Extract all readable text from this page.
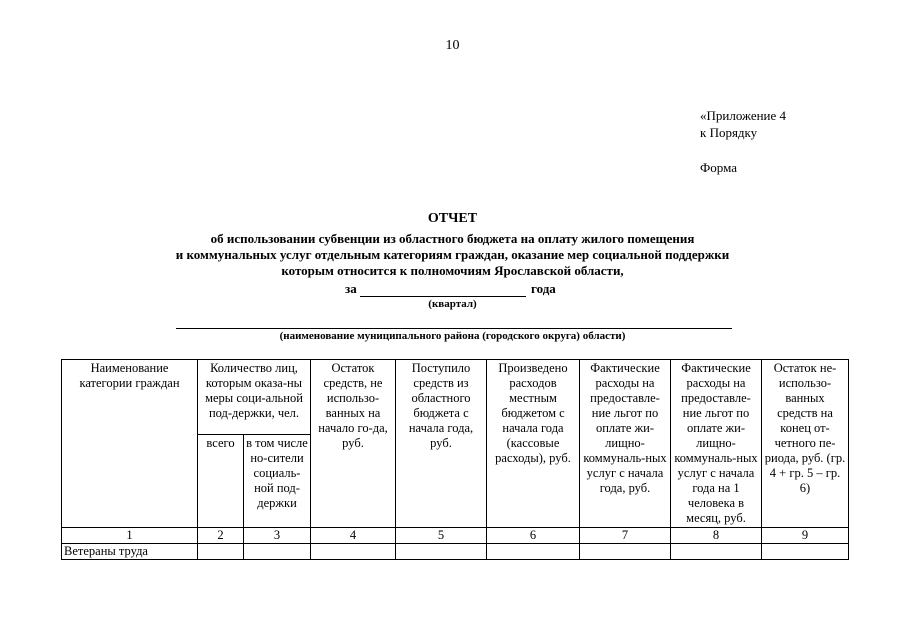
10
«Приложение 4
к Порядку
Форма
ОТЧЕТ
об использовании субвенции из областного бюджета на оплату жилого помещения
и коммунальных услуг отдельным категориям граждан, оказание мер социальной поддержки
которым относится к полномочиям Ярославской области,
за	года
(квартал)
(наименование муниципального района (городского округа) области)
Наименование категории граждан	Количество лиц, которым оказа-ны меры соци-альной под-держки, чел.		Остаток средств, не использо-ванных на начало го-да, руб.	Поступило средств из областного бюджета с начала года, руб.	Произведено расходов местным бюджетом с начала года (кассовые расходы), руб.	Фактические расходы на предоставле-ние льгот по оплате жи-лищно-коммуналь-ных услуг с начала года, руб.	Фактические расходы на предоставле-ние льгот по оплате жи-лищно-коммуналь-ных услуг с начала года на 1 человека в месяц, руб.	Остаток не-использо-ванных средств на конец от-четного пе-риода, руб. (гр. 4 + гр. 5 – гр. 6)
	всего	в том числе но-сители социаль-ной под-держки						
1	2	3	4	5	6	7	8	9
Ветераны труда								
